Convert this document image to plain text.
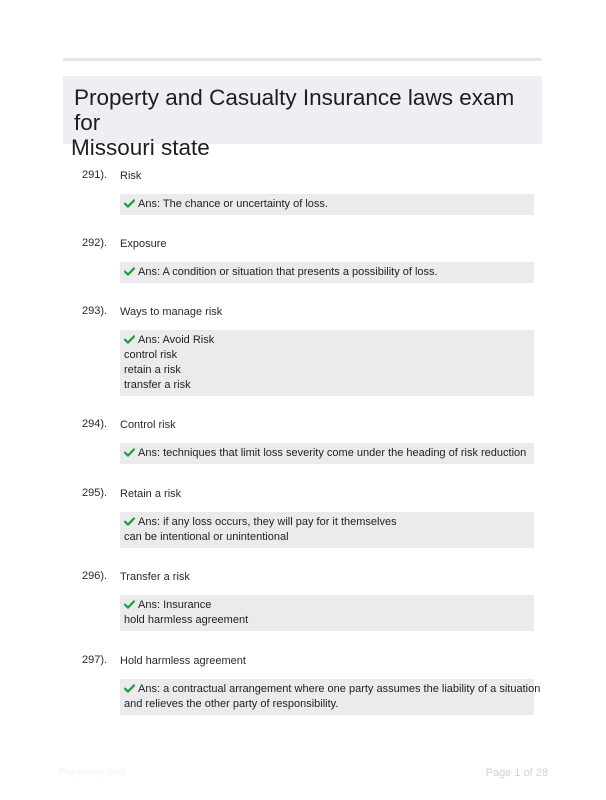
Property and Casualty Insurance laws exam for
Missouri state
291). Risk
Ans: The chance or uncertainty of loss.
292). Exposure
Ans: A condition or situation that presents a possibility of loss.
293). Ways to manage risk
Ans: Avoid Risk
control risk
retain a risk
transfer a risk
294). Control risk
Ans: techniques that limit loss severity come under the heading of risk reduction
295). Retain a risk
Ans: if any loss occurs, they will pay for it themselves
can be intentional or unintentional
296). Transfer a risk
Ans: Insurance
hold harmless agreement
297). Hold harmless agreement
Ans: a contractual arrangement where one party assumes the liability of a situation
and relieves the other party of responsibility.
Paperhelp.com	Page 1 of 28
